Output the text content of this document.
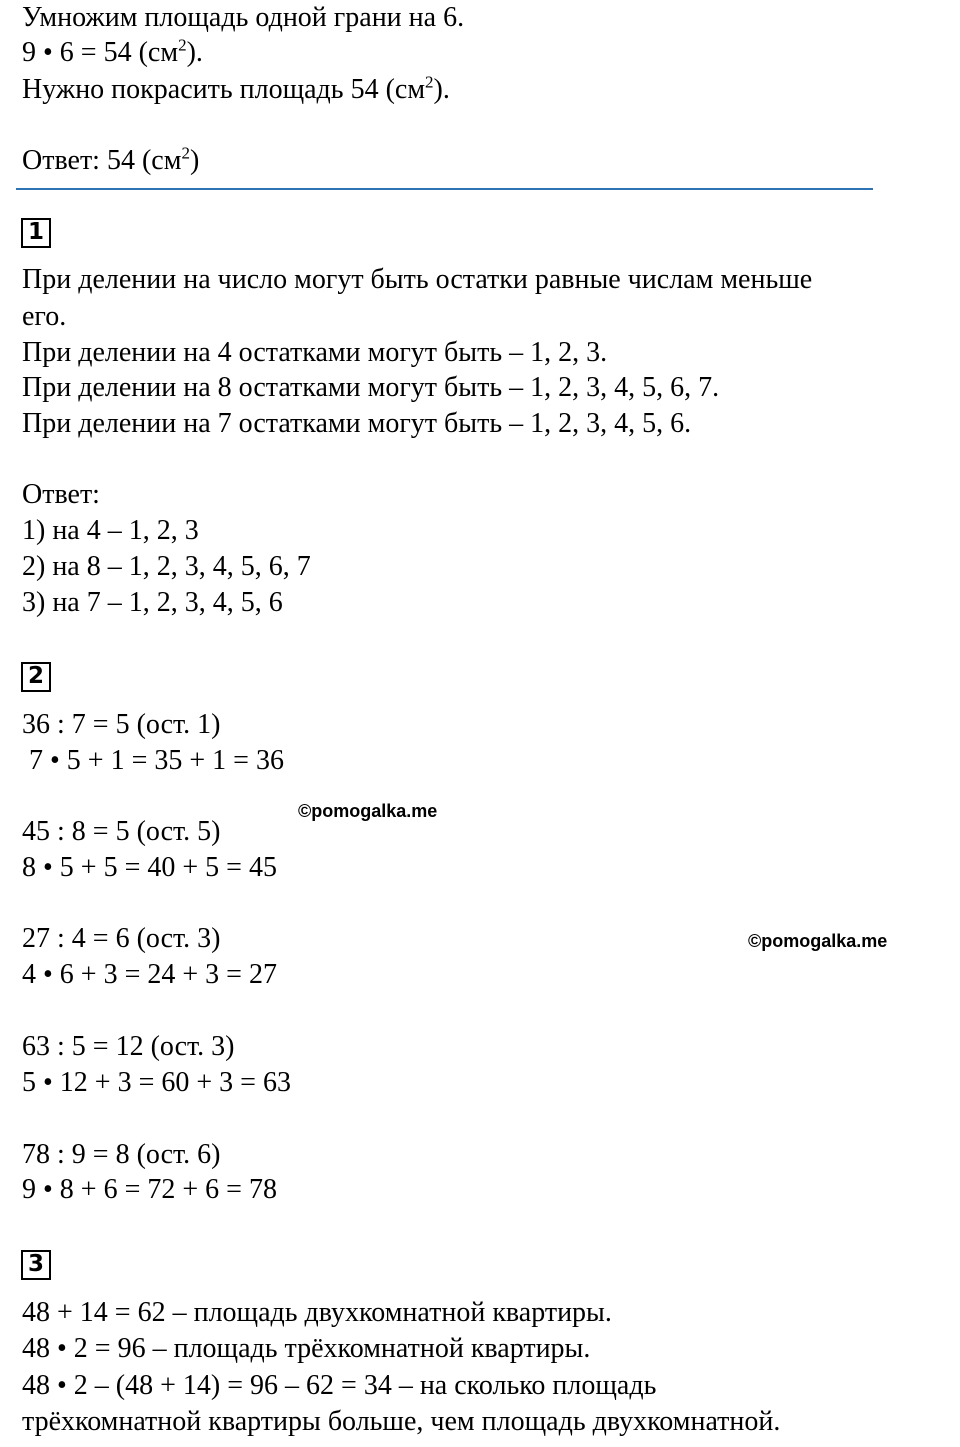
Умножим площадь одной грани на 6.
9 • 6 = 54 $(см^2)$.
Нужно покрасить площадь 54 $(см^2)$.
Ответ: 54 $(см^2)$
1
При делении на число могут быть остатки равные числам меньше
его.
При делении на 4 остатками могут быть – 1, 2, 3.
При делении на 8 остатками могут быть – 1, 2, 3, 4, 5, 6, 7.
При делении на 7 остатками могут быть – 1, 2, 3, 4, 5, 6.
Ответ:
1) на 4 – 1, 2, 3
2) на 8 – 1, 2, 3, 4, 5, 6, 7
3) на 7 – 1, 2, 3, 4, 5, 6
2
36 : 7 = 5 (ост. 1)
7 • 5 + 1 = 35 + 1 = 36
45 : 8 = 5 (ост. 5)
8 • 5 + 5 = 40 + 5 = 45
27 : 4 = 6 (ост. 3)
4 • 6 + 3 = 24 + 3 = 27
63 : 5 = 12 (ост. 3)
5 • 12 + 3 = 60 + 3 = 63
78 : 9 = 8 (ост. 6)
9 • 8 + 6 = 72 + 6 = 78
3
48 + 14 = 62 – площадь двухкомнатной квартиры.
48 • 2 = 96 – площадь трёхкомнатной квартиры.
48 • 2 – (48 + 14) = 96 – 62 = 34 – на сколько площадь
трёхкомнатной квартиры больше, чем площадь двухкомнатной.
©pomogalka.me
©pomogalka.me
